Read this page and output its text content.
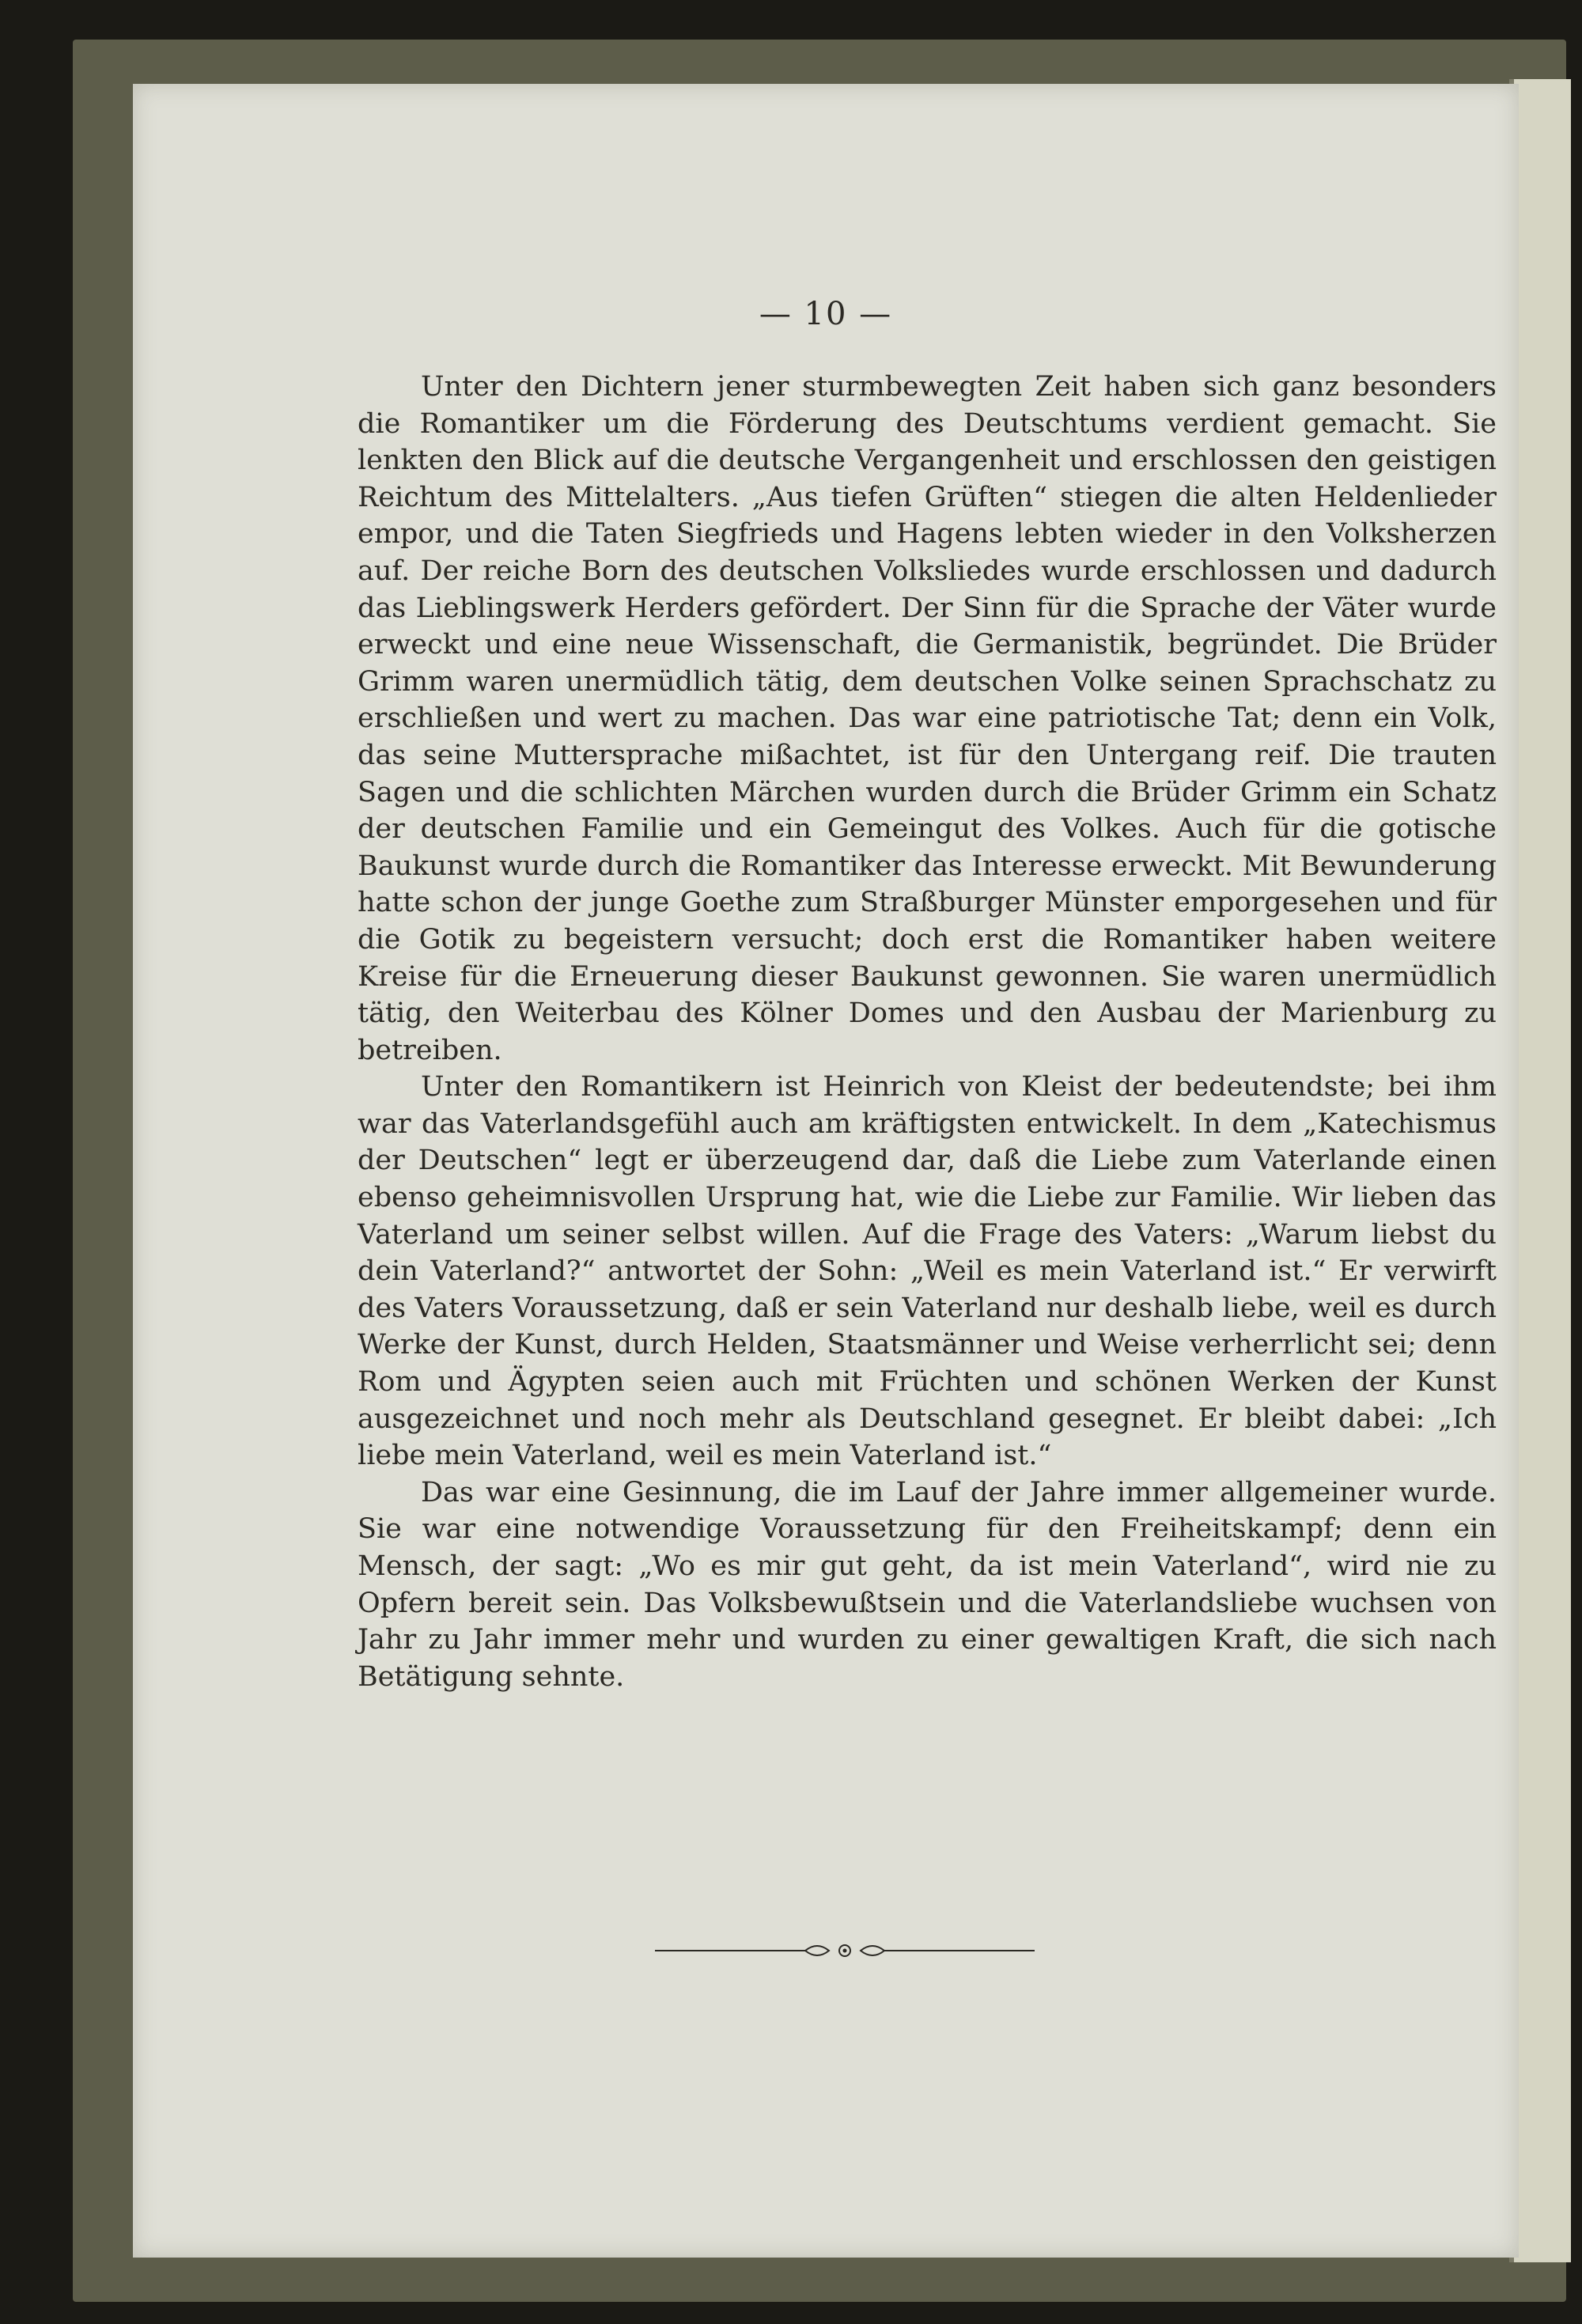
— 10 —

Unter den Dichtern jener sturmbewegten Zeit haben sich ganz besonders die Romantiker um die Förderung des Deutschtums verdient gemacht. Sie lenkten den Blick auf die deutsche Vergangenheit und erschlossen den geistigen Reichtum des Mittelalters. „Aus tiefen Grüften“ stiegen die alten Heldenlieder empor, und die Taten Siegfrieds und Hagens lebten wieder in den Volksherzen auf. Der reiche Born des deutschen Volksliedes wurde erschlossen und dadurch das Lieblingswerk Herders gefördert. Der Sinn für die Sprache der Väter wurde erweckt und eine neue Wissenschaft, die Germanistik, begründet. Die Brüder Grimm waren unermüdlich tätig, dem deutschen Volke seinen Sprachschatz zu erschließen und wert zu machen. Das war eine patriotische Tat; denn ein Volk, das seine Muttersprache mißachtet, ist für den Untergang reif. Die trauten Sagen und die schlichten Märchen wurden durch die Brüder Grimm ein Schatz der deutschen Familie und ein Gemeingut des Volkes. Auch für die gotische Baukunst wurde durch die Romantiker das Interesse erweckt. Mit Bewunderung hatte schon der junge Goethe zum Straßburger Münster emporgesehen und für die Gotik zu begeistern versucht; doch erst die Romantiker haben weitere Kreise für die Erneuerung dieser Baukunst gewonnen. Sie waren unermüdlich tätig, den Weiterbau des Kölner Domes und den Ausbau der Marienburg zu betreiben.

Unter den Romantikern ist Heinrich von Kleist der bedeutendste; bei ihm war das Vaterlandsgefühl auch am kräftigsten entwickelt. In dem „Katechismus der Deutschen“ legt er überzeugend dar, daß die Liebe zum Vaterlande einen ebenso geheimnisvollen Ursprung hat, wie die Liebe zur Familie. Wir lieben das Vaterland um seiner selbst willen. Auf die Frage des Vaters: „Warum liebst du dein Vaterland?“ antwortet der Sohn: „Weil es mein Vaterland ist.“ Er verwirft des Vaters Voraussetzung, daß er sein Vaterland nur deshalb liebe, weil es durch Werke der Kunst, durch Helden, Staatsmänner und Weise verherrlicht sei; denn Rom und Ägypten seien auch mit Früchten und schönen Werken der Kunst ausgezeichnet und noch mehr als Deutschland gesegnet. Er bleibt dabei: „Ich liebe mein Vaterland, weil es mein Vaterland ist.“

Das war eine Gesinnung, die im Lauf der Jahre immer allgemeiner wurde. Sie war eine notwendige Voraussetzung für den Freiheitskampf; denn ein Mensch, der sagt: „Wo es mir gut geht, da ist mein Vaterland“, wird nie zu Opfern bereit sein. Das Volksbewußtsein und die Vaterlandsliebe wuchsen von Jahr zu Jahr immer mehr und wurden zu einer gewaltigen Kraft, die sich nach Betätigung sehnte.
